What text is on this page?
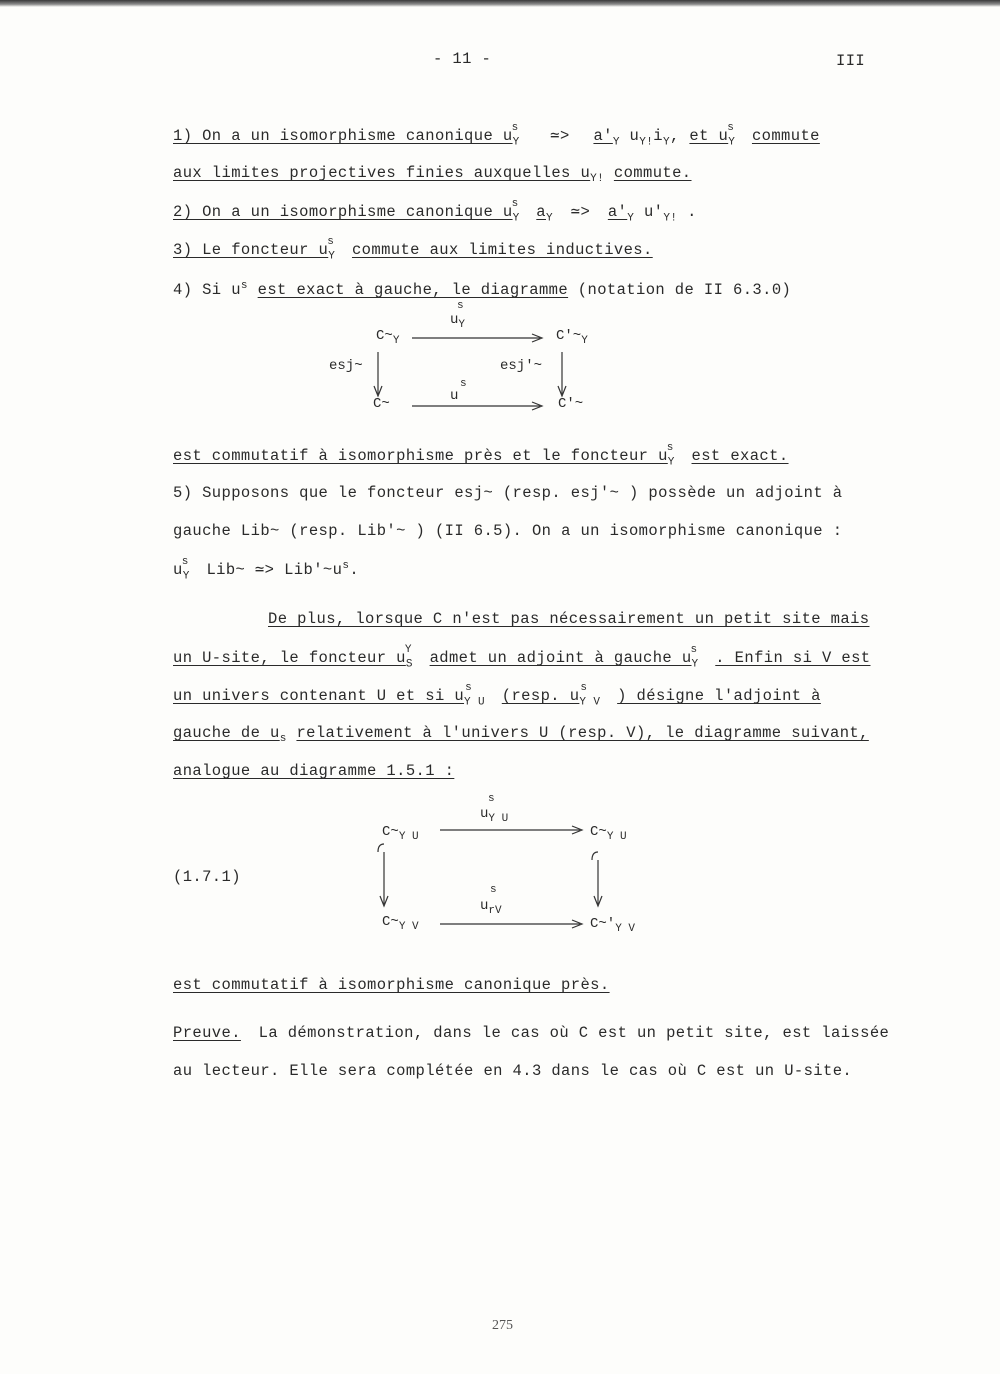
- 11 -	III
1) On a un isomorphisme canonique $u_Y^s$ ≃> $a'_Y$ $u_{Y!}i_Y$, et $u_Y^s$ commute
aux limites projectives finies auxquelles $u_{Y!}$ commute.
2) On a un isomorphisme canonique $u_Y^s$ $a_Y$ ≃> $a'_Y$ $u'_{Y!}$ .
3) Le foncteur $u_Y^s$ commute aux limites inductives.
4) Si $u^s$ est exact à gauche, le diagramme (notation de II 6.3.0)
$C\sim_Y$
$u_Y$
s
$C'\sim_Y$
esj~	esj'~
C~	u
s
C'~
est commutatif à isomorphisme près et le foncteur $u_Y^s$ est exact.
5) Supposons que le foncteur esj~ (resp. esj'~ ) possède un adjoint à
gauche Lib~ (resp. Lib'~ ) (II 6.5). On a un isomorphisme canonique :
$u_Y^s$ Lib~ ≃> $Lib'\sim u^s$.
De plus, lorsque C n'est pas nécessairement un petit site mais
un U-site, le foncteur $u_S^Y$ admet un adjoint à gauche $u_Y^s$ . Enfin si V est
un univers contenant U et si $u_{Y U}^s$ (resp. $u_{Y V}^s$ ) désigne l'adjoint à
gauche de $u_s$ relativement à l'univers U (resp. V), le diagramme suivant,
analogue au diagramme 1.5.1 :
(1.7.1)
$C\sim_{Y U}$
$u_{Y U}$
s
$C\sim_{Y U}$
$C\sim_{Y V}$
$u_{rV}$
s
$C\sim'_{Y V}$
est commutatif à isomorphisme canonique près.
Preuve. La démonstration, dans le cas où C est un petit site, est laissée
au lecteur. Elle sera complétée en 4.3 dans le cas où C est un U-site.
275
